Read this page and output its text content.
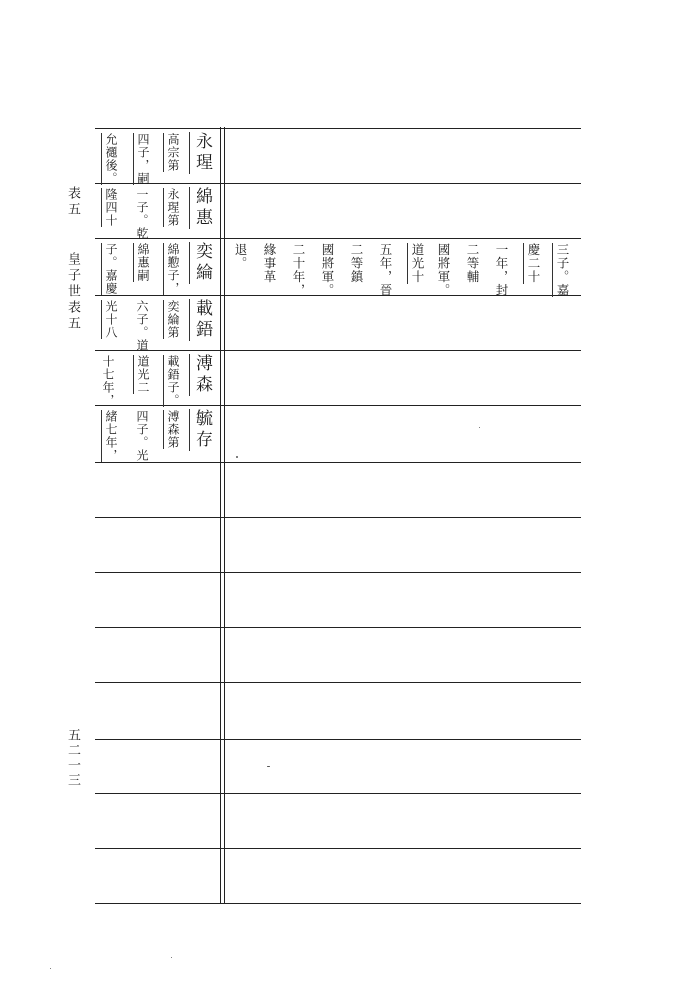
表五
皇子世表五
五二一三
永瑆
高宗第
四子，嗣
允禵後。
綿惠
永瑆第
一子。乾
隆四十
奕綸
綿懃子，
綿惠嗣
子。嘉慶
載鋙
奕綸第
六子。道
光十八
溥森
載鋙子。
道光二
十七年，
毓存
溥森第
四子。光
緒七年，
三子。嘉
慶二十
一年，封
二等輔
國將軍。
道光十
五年，晉
二等鎮
國將軍。
二十年，
緣事革
退。
